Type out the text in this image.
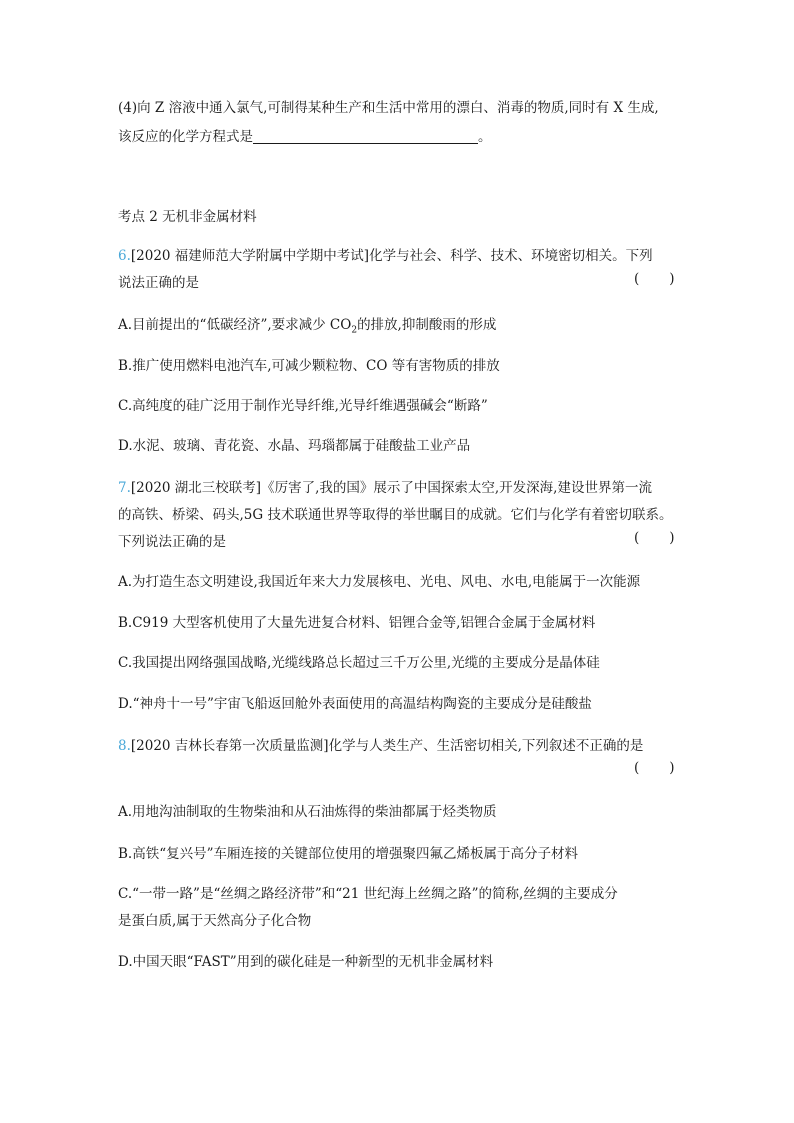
(4)向 Z 溶液中通入氯气,可制得某种生产和生活中常用的漂白、消毒的物质,同时有 X 生成,
该反应的化学方程式是	。
考点 2 无机非金属材料
6.[2020 福建师范大学附属中学期中考试]化学与社会、科学、技术、环境密切相关。下列
说法正确的是	(       )
A.目前提出的“低碳经济”,要求减少 $CO_2$的排放,抑制酸雨的形成
B.推广使用燃料电池汽车,可减少颗粒物、CO 等有害物质的排放
C.高纯度的硅广泛用于制作光导纤维,光导纤维遇强碱会“断路”
D.水泥、玻璃、青花瓷、水晶、玛瑙都属于硅酸盐工业产品
7.[2020 湖北三校联考]《厉害了,我的国》展示了中国探索太空,开发深海,建设世界第一流
的高铁、桥梁、码头,5G 技术联通世界等取得的举世瞩目的成就。它们与化学有着密切联系。
下列说法正确的是	(       )
A.为打造生态文明建设,我国近年来大力发展核电、光电、风电、水电,电能属于一次能源
B.C919 大型客机使用了大量先进复合材料、铝锂合金等,铝锂合金属于金属材料
C.我国提出网络强国战略,光缆线路总长超过三千万公里,光缆的主要成分是晶体硅
D.“神舟十一号”宇宙飞船返回舱外表面使用的高温结构陶瓷的主要成分是硅酸盐
8.[2020 吉林长春第一次质量监测]化学与人类生产、生活密切相关,下列叙述不正确的是
(       )
A.用地沟油制取的生物柴油和从石油炼得的柴油都属于烃类物质
B.高铁“复兴号”车厢连接的关键部位使用的增强聚四氟乙烯板属于高分子材料
C.“一带一路”是“丝绸之路经济带”和“21 世纪海上丝绸之路”的简称,丝绸的主要成分
是蛋白质,属于天然高分子化合物
D.中国天眼“FAST”用到的碳化硅是一种新型的无机非金属材料
